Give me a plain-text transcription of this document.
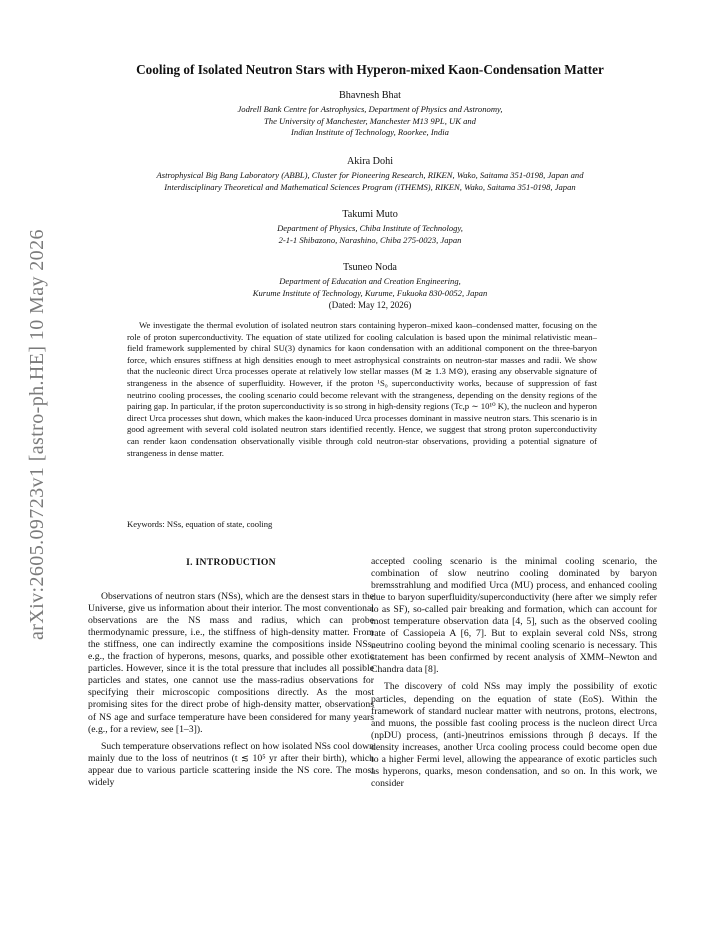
arXiv:2605.09723v1 [astro-ph.HE] 10 May 2026
Cooling of Isolated Neutron Stars with Hyperon-mixed Kaon-Condensation Matter
Bhavnesh Bhat
Jodrell Bank Centre for Astrophysics, Department of Physics and Astronomy,
The University of Manchester, Manchester M13 9PL, UK and
Indian Institute of Technology, Roorkee, India
Akira Dohi
Astrophysical Big Bang Laboratory (ABBL), Cluster for Pioneering Research, RIKEN, Wako, Saitama 351-0198, Japan and
Interdisciplinary Theoretical and Mathematical Sciences Program (iTHEMS), RIKEN, Wako, Saitama 351-0198, Japan
Takumi Muto
Department of Physics, Chiba Institute of Technology,
2-1-1 Shibazono, Narashino, Chiba 275-0023, Japan
Tsuneo Noda
Department of Education and Creation Engineering,
Kurume Institute of Technology, Kurume, Fukuoka 830-0052, Japan
(Dated: May 12, 2026)
We investigate the thermal evolution of isolated neutron stars containing hyperon–mixed kaon–condensed matter, focusing on the role of proton superconductivity. The equation of state utilized for cooling calculation is based upon the minimal relativistic mean–field framework supplemented by chiral SU(3) dynamics for kaon condensation with an additional component on the three-baryon force, which ensures stiffness at high densities enough to meet astrophysical constraints on neutron-star masses and radii. We show that the nucleonic direct Urca processes operate at relatively low stellar masses (M ≳ 1.3 M⊙), erasing any observable signature of strangeness in the absence of superfluidity. However, if the proton ¹S₀ superconductivity works, because of suppression of fast neutrino cooling processes, the cooling scenario could become relevant with the strangeness, depending on the density regions of the pairing gap. In particular, if the proton superconductivity is so strong in high-density regions (Tc,p ∼ 10¹⁰ K), the nucleon and hyperon direct Urca processes shut down, which makes the kaon-induced Urca processes dominant in massive neutron stars. This scenario is in good agreement with several cold isolated neutron stars identified recently. Hence, we suggest that strong proton superconductivity can render kaon condensation observationally visible through cold neutron-star observations, providing a potential signature of strangeness in dense matter.
Keywords: NSs, equation of state, cooling
I. INTRODUCTION

Observations of neutron stars (NSs), which are the densest stars in the Universe, give us information about their interior. The most conventional observations are the NS mass and radius, which can probe thermodynamic pressure, i.e., the stiffness of high-density matter. From the stiffness, one can indirectly examine the compositions inside NSs, e.g., the fraction of hyperons, mesons, quarks, and possible other exotic particles. However, since it is the total pressure that includes all possible particles and states, one cannot use the mass-radius observations for specifying their microscopic compositions directly. As the most promising sites for the direct probe of high-density matter, observations of NS age and surface temperature have been considered for many years (e.g., for a review, see [1–3]).

Such temperature observations reflect on how isolated NSs cool down mainly due to the loss of neutrinos (t ≲ 10⁵ yr after their birth), which appear due to various particle scattering inside the NS core. The most widely

accepted cooling scenario is the minimal cooling scenario, the combination of slow neutrino cooling dominated by baryon bremsstrahlung and modified Urca (MU) process, and enhanced cooling due to baryon superfluidity/superconductivity (here after we simply refer to as SF), so-called pair breaking and formation, which can account for most temperature observation data [4, 5], such as the observed cooling rate of Cassiopeia A [6, 7]. But to explain several cold NSs, strong neutrino cooling beyond the minimal cooling scenario is necessary. This statement has been confirmed by recent analysis of XMM–Newton and Chandra data [8].

The discovery of cold NSs may imply the possibility of exotic particles, depending on the equation of state (EoS). Within the framework of standard nuclear matter with neutrons, protons, electrons, and muons, the possible fast cooling process is the nucleon direct Urca (npDU) process, (anti-)neutrinos emissions through β decays. If the density increases, another Urca cooling process could become open due to a higher Fermi level, allowing the appearance of exotic particles such as hyperons, quarks, meson condensation, and so on. In this work, we consider
